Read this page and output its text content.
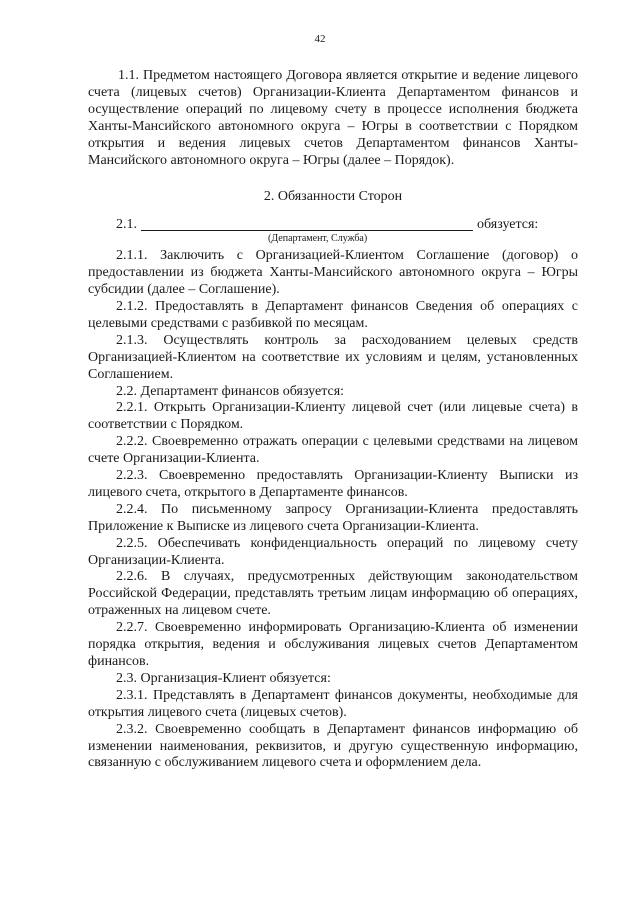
42

1.1. Предметом настоящего Договора является открытие и ведение лицевого счета (лицевых счетов) Организации-Клиента Департаментом финансов и осуществление операций по лицевому счету в процессе исполнения бюджета Ханты-Мансийского автономного округа – Югры в соответствии с Порядком открытия и ведения лицевых счетов Департаментом финансов Ханты-Мансийского автономного округа – Югры (далее – Порядок).

2. Обязанности Сторон

2.1.	обязуется:
(Департамент, Служба)

2.1.1. Заключить с Организацией-Клиентом Соглашение (договор) о предоставлении из бюджета Ханты-Мансийского автономного округа – Югры субсидии (далее – Соглашение).

2.1.2. Предоставлять в Департамент финансов Сведения об операциях с целевыми средствами с разбивкой по месяцам.

2.1.3. Осуществлять контроль за расходованием целевых средств Организацией-Клиентом на соответствие их условиям и целям, установленных Соглашением.

2.2. Департамент финансов обязуется:

2.2.1. Открыть Организации-Клиенту лицевой счет (или лицевые счета) в соответствии с Порядком.

2.2.2. Своевременно отражать операции с целевыми средствами на лицевом счете Организации-Клиента.

2.2.3. Своевременно предоставлять Организации-Клиенту Выписки из лицевого счета, открытого в Департаменте финансов.

2.2.4. По письменному запросу Организации-Клиента предоставлять Приложение к Выписке из лицевого счета Организации-Клиента.

2.2.5. Обеспечивать конфиденциальность операций по лицевому счету Организации-Клиента.

2.2.6. В случаях, предусмотренных действующим законодательством Российской Федерации, представлять третьим лицам информацию об операциях, отраженных на лицевом счете.

2.2.7. Своевременно информировать Организацию-Клиента об изменении порядка открытия, ведения и обслуживания лицевых счетов Департаментом финансов.

2.3. Организация-Клиент обязуется:

2.3.1. Представлять в Департамент финансов документы, необходимые для открытия лицевого счета (лицевых счетов).

2.3.2. Своевременно сообщать в Департамент финансов информацию об изменении наименования, реквизитов, и другую существенную информацию, связанную с обслуживанием лицевого счета и оформлением дела.
